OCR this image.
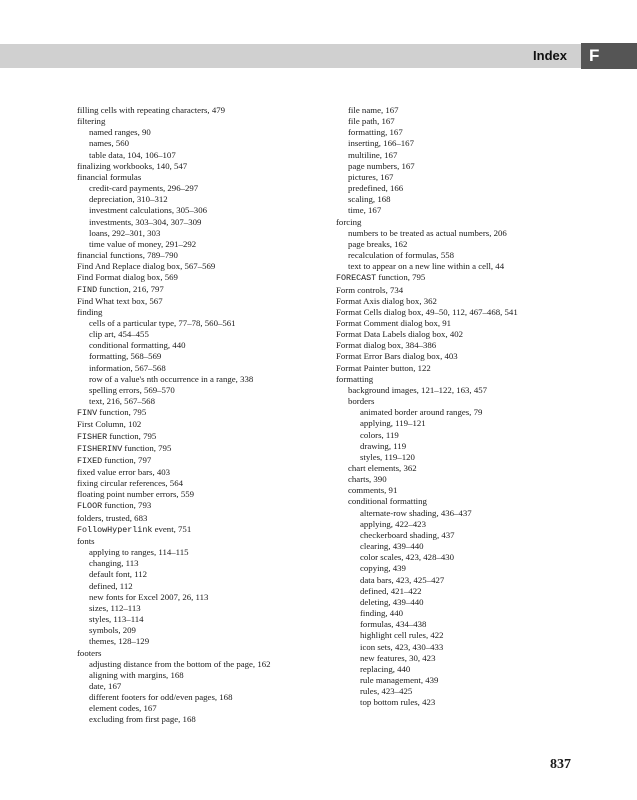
Index	F
filling cells with repeating characters, 479
filtering
named ranges, 90
names, 560
table data, 104, 106–107
finalizing workbooks, 140, 547
financial formulas
credit-card payments, 296–297
depreciation, 310–312
investment calculations, 305–306
investments, 303–304, 307–309
loans, 292–301, 303
time value of money, 291–292
financial functions, 789–790
Find And Replace dialog box, 567–569
Find Format dialog box, 569
FIND function, 216, 797
Find What text box, 567
finding
cells of a particular type, 77–78, 560–561
clip art, 454–455
conditional formatting, 440
formatting, 568–569
information, 567–568
row of a value's nth occurrence in a range, 338
spelling errors, 569–570
text, 216, 567–568
FINV function, 795
First Column, 102
FISHER function, 795
FISHERINV function, 795
FIXED function, 797
fixed value error bars, 403
fixing circular references, 564
floating point number errors, 559
FLOOR function, 793
folders, trusted, 683
FollowHyperlink event, 751
fonts
applying to ranges, 114–115
changing, 113
default font, 112
defined, 112
new fonts for Excel 2007, 26, 113
sizes, 112–113
styles, 113–114
symbols, 209
themes, 128–129
footers
adjusting distance from the bottom of the page, 162
aligning with margins, 168
date, 167
different footers for odd/even pages, 168
element codes, 167
excluding from first page, 168
file name, 167
file path, 167
formatting, 167
inserting, 166–167
multiline, 167
page numbers, 167
pictures, 167
predefined, 166
scaling, 168
time, 167
forcing
numbers to be treated as actual numbers, 206
page breaks, 162
recalculation of formulas, 558
text to appear on a new line within a cell, 44
FORECAST function, 795
Form controls, 734
Format Axis dialog box, 362
Format Cells dialog box, 49–50, 112, 467–468, 541
Format Comment dialog box, 91
Format Data Labels dialog box, 402
Format dialog box, 384–386
Format Error Bars dialog box, 403
Format Painter button, 122
formatting
background images, 121–122, 163, 457
borders
animated border around ranges, 79
applying, 119–121
colors, 119
drawing, 119
styles, 119–120
chart elements, 362
charts, 390
comments, 91
conditional formatting
alternate-row shading, 436–437
applying, 422–423
checkerboard shading, 437
clearing, 439–440
color scales, 423, 428–430
copying, 439
data bars, 423, 425–427
defined, 421–422
deleting, 439–440
finding, 440
formulas, 434–438
highlight cell rules, 422
icon sets, 423, 430–433
new features, 30, 423
replacing, 440
rule management, 439
rules, 423–425
top bottom rules, 423
837
